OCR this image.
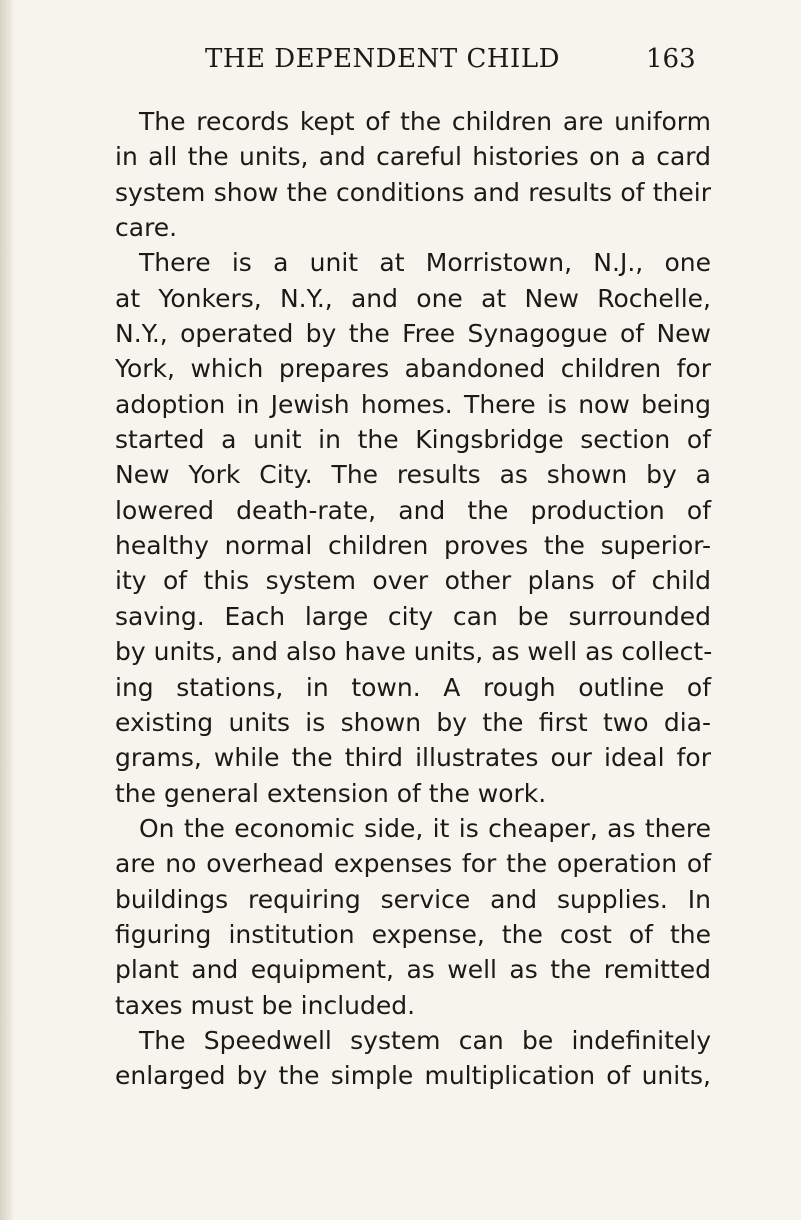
THE DEPENDENT CHILD	163
The records kept of the children are uniform
in all the units, and careful histories on a card
system show the conditions and results of their
care.
There is a unit at Morristown, N.J., one
at Yonkers, N.Y., and one at New Rochelle,
N.Y., operated by the Free Synagogue of New
York, which prepares abandoned children for
adoption in Jewish homes. There is now being
started a unit in the Kingsbridge section of
New York City. The results as shown by a
lowered death-rate, and the production of
healthy normal children proves the superior-
ity of this system over other plans of child
saving. Each large city can be surrounded
by units, and also have units, as well as collect-
ing stations, in town. A rough outline of
existing units is shown by the first two dia-
grams, while the third illustrates our ideal for
the general extension of the work.
On the economic side, it is cheaper, as there
are no overhead expenses for the operation of
buildings requiring service and supplies. In
figuring institution expense, the cost of the
plant and equipment, as well as the remitted
taxes must be included.
The Speedwell system can be indefinitely
enlarged by the simple multiplication of units,
